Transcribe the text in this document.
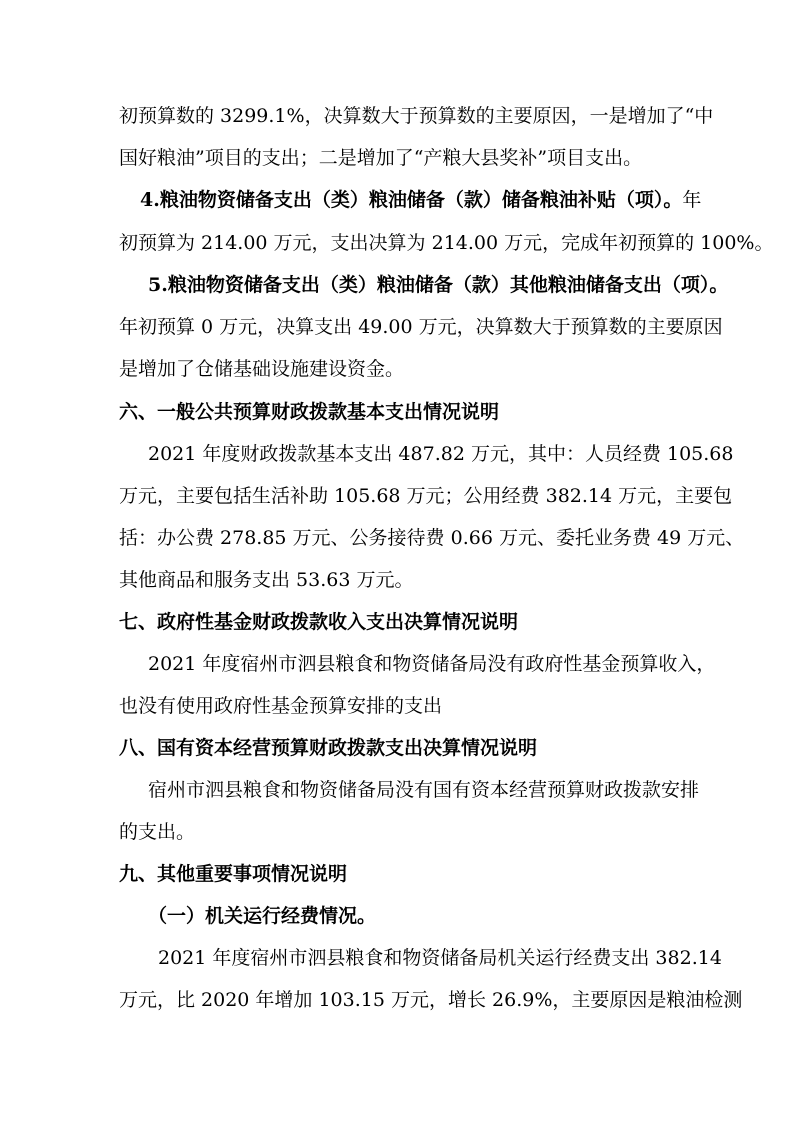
初预算数的 3299.1%，决算数大于预算数的主要原因，一是增加了“中
国好粮油”项目的支出；二是增加了“产粮大县奖补”项目支出。
4.粮油物资储备支出（类）粮油储备（款）储备粮油补贴（项）。年
初预算为 214.00 万元，支出决算为 214.00 万元，完成年初预算的 100%。
5.粮油物资储备支出（类）粮油储备（款）其他粮油储备支出（项）。
年初预算 0 万元，决算支出 49.00 万元，决算数大于预算数的主要原因
是增加了仓储基础设施建设资金。
六、一般公共预算财政拨款基本支出情况说明
2021 年度财政拨款基本支出 487.82 万元，其中：人员经费 105.68
万元，主要包括生活补助 105.68 万元；公用经费 382.14 万元，主要包
括：办公费 278.85 万元、公务接待费 0.66 万元、委托业务费 49 万元、
其他商品和服务支出 53.63 万元。
七、政府性基金财政拨款收入支出决算情况说明
2021 年度宿州市泗县粮食和物资储备局没有政府性基金预算收入，
也没有使用政府性基金预算安排的支出
八、国有资本经营预算财政拨款支出决算情况说明
宿州市泗县粮食和物资储备局没有国有资本经营预算财政拨款安排
的支出。
九、其他重要事项情况说明
（一）机关运行经费情况。
2021 年度宿州市泗县粮食和物资储备局机关运行经费支出 382.14
万元，比 2020 年增加 103.15 万元，增长 26.9%，主要原因是粮油检测
